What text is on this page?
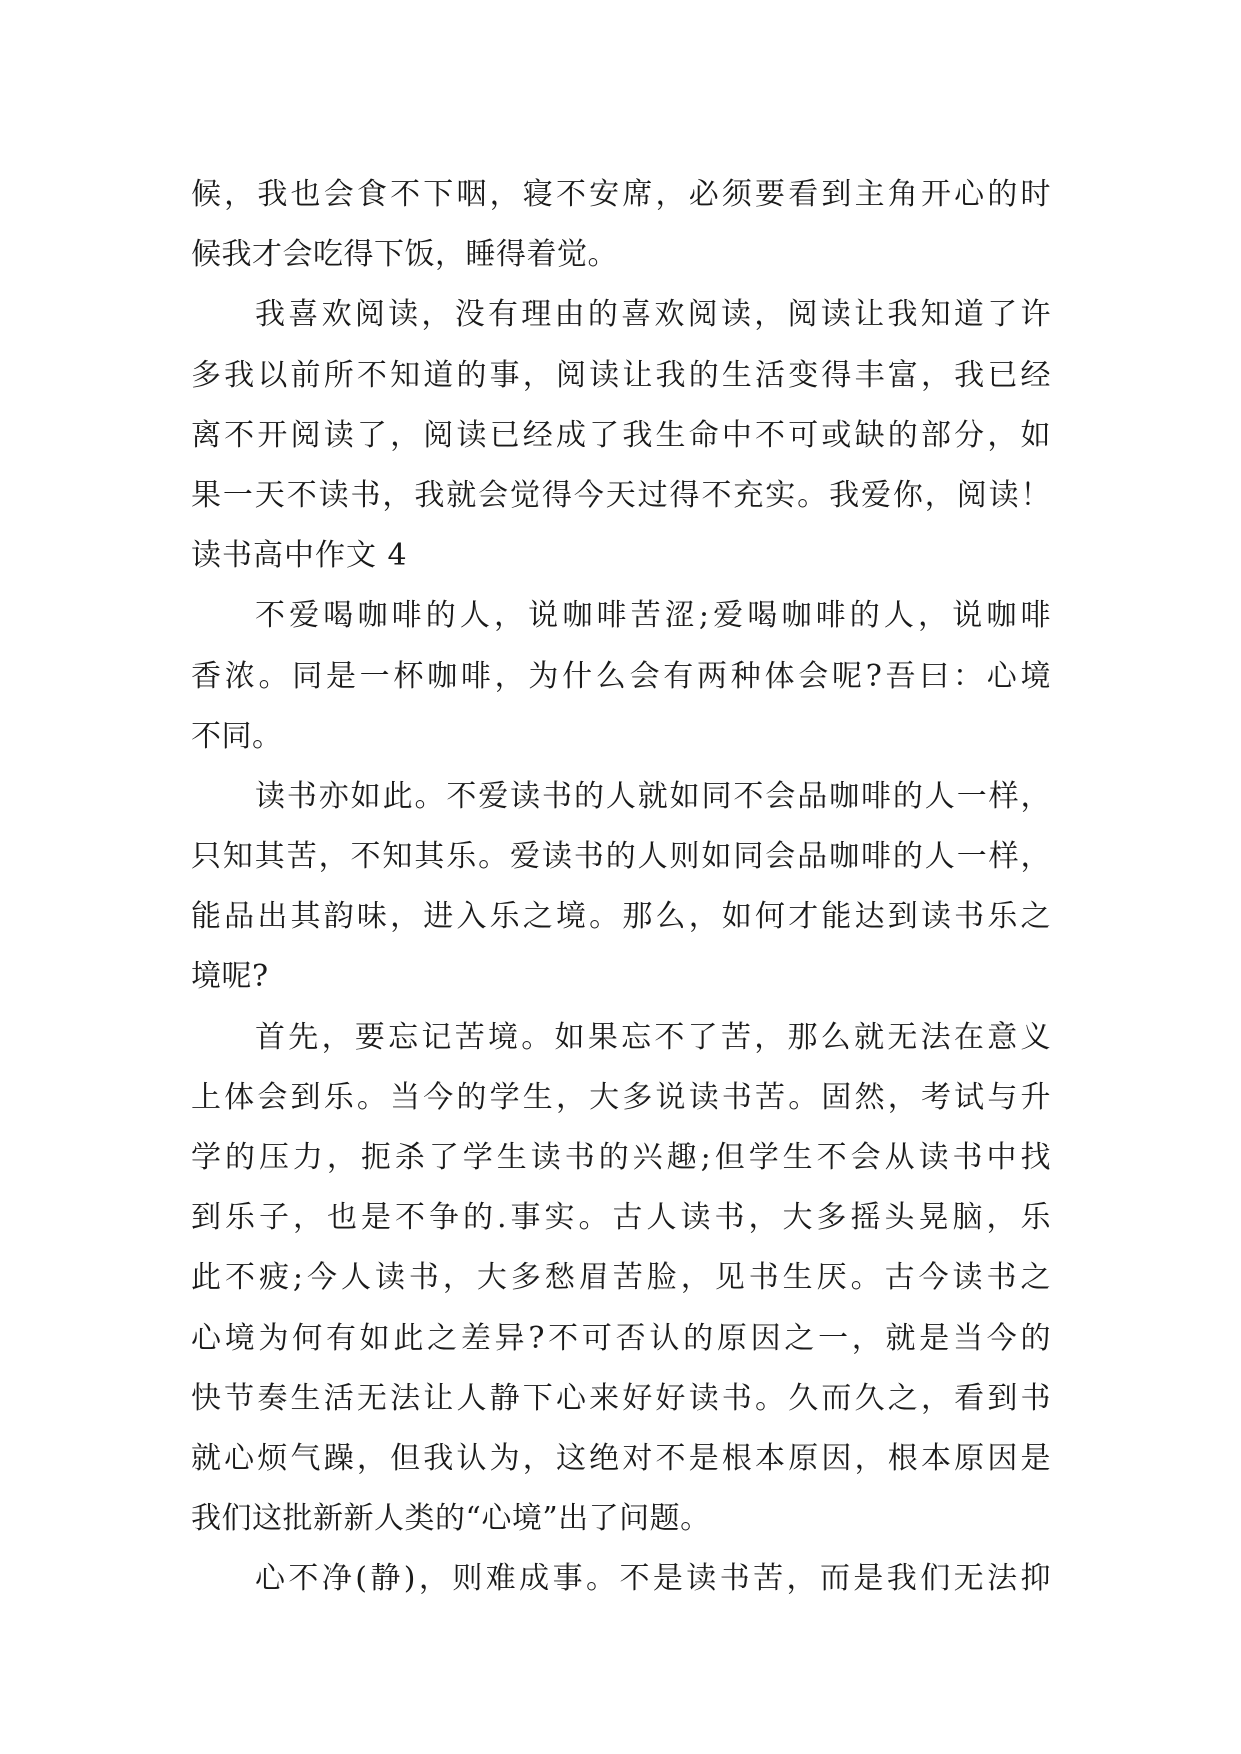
候，我也会食不下咽，寝不安席，必须要看到主角开心的时
候我才会吃得下饭，睡得着觉。
我喜欢阅读，没有理由的喜欢阅读，阅读让我知道了许
多我以前所不知道的事，阅读让我的生活变得丰富，我已经
离不开阅读了，阅读已经成了我生命中不可或缺的部分，如
果一天不读书，我就会觉得今天过得不充实。我爱你，阅读！
读书高中作文 4
不爱喝咖啡的人，说咖啡苦涩;爱喝咖啡的人，说咖啡
香浓。同是一杯咖啡，为什么会有两种体会呢?吾曰：心境
不同。
读书亦如此。不爱读书的人就如同不会品咖啡的人一样，
只知其苦，不知其乐。爱读书的人则如同会品咖啡的人一样，
能品出其韵味，进入乐之境。那么，如何才能达到读书乐之
境呢?
首先，要忘记苦境。如果忘不了苦，那么就无法在意义
上体会到乐。当今的学生，大多说读书苦。固然，考试与升
学的压力，扼杀了学生读书的兴趣;但学生不会从读书中找
到乐子，也是不争的.事实。古人读书，大多摇头晃脑，乐
此不疲;今人读书，大多愁眉苦脸，见书生厌。古今读书之
心境为何有如此之差异?不可否认的原因之一，就是当今的
快节奏生活无法让人静下心来好好读书。久而久之，看到书
就心烦气躁，但我认为，这绝对不是根本原因，根本原因是
我们这批新新人类的“心境”出了问题。
心不净(静)，则难成事。不是读书苦，而是我们无法抑
